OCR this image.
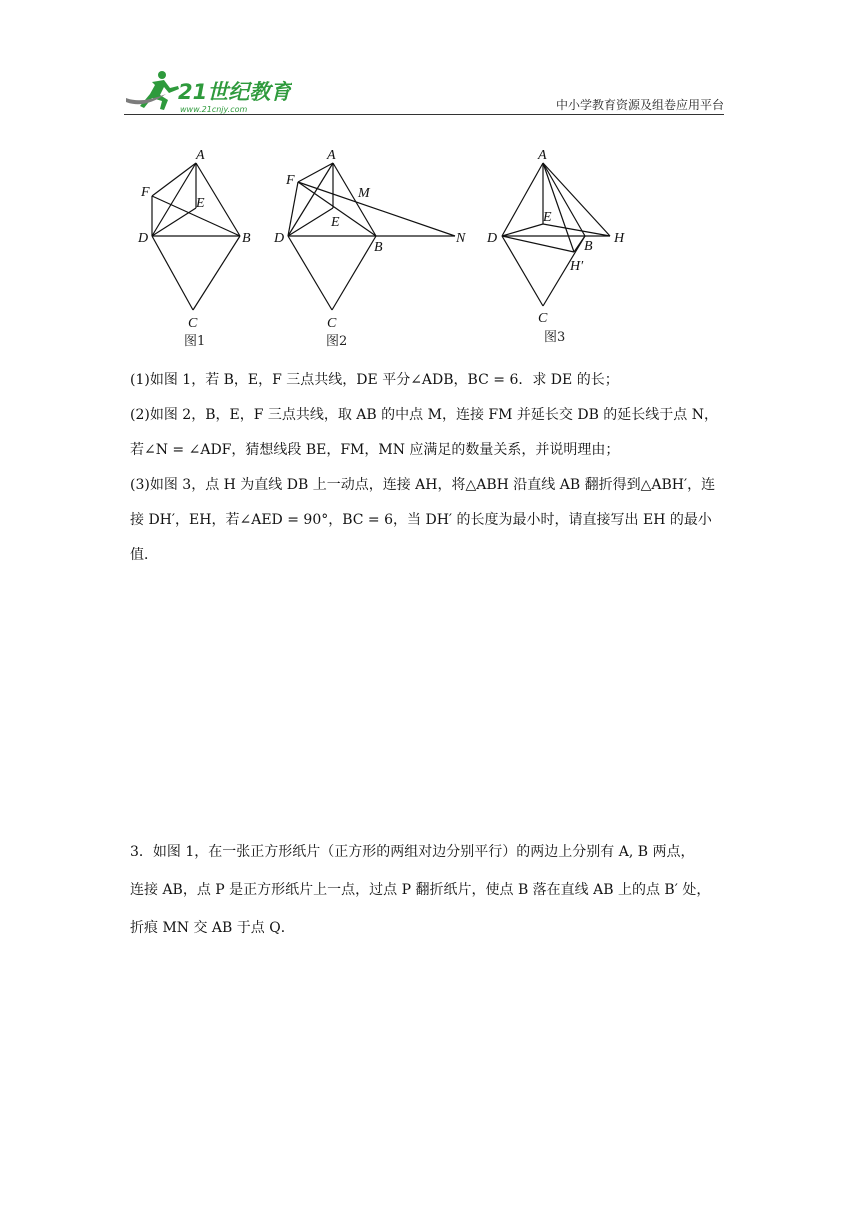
21世纪教育
www.21cnjy.com	中小学教育资源及组卷应用平台
A
F
E
D	B
C
图1
A
F
M
E
D
B
N
C
图2
A
E
D
B
H
H′
C
图3
(1)如图 1，若 B，E，F 三点共线，DE 平分∠ADB，BC = 6．求 DE 的长；
(2)如图 2，B，E，F 三点共线，取 AB 的中点 M，连接 FM 并延长交 DB 的延长线于点 N，
若∠N = ∠ADF，猜想线段 BE，FM，MN 应满足的数量关系，并说明理由；
(3)如图 3，点 H 为直线 DB 上一动点，连接 AH，将△ABH 沿直线 AB 翻折得到△ABH′，连
接 DH′，EH，若∠AED = 90°，BC = 6，当 DH′ 的长度为最小时，请直接写出 EH 的最小
值．
3．如图 1，在一张正方形纸片（正方形的两组对边分别平行）的两边上分别有 A, B 两点，
连接 AB，点 P 是正方形纸片上一点，过点 P 翻折纸片，使点 B 落在直线 AB 上的点 B′ 处，
折痕 MN 交 AB 于点 Q．
